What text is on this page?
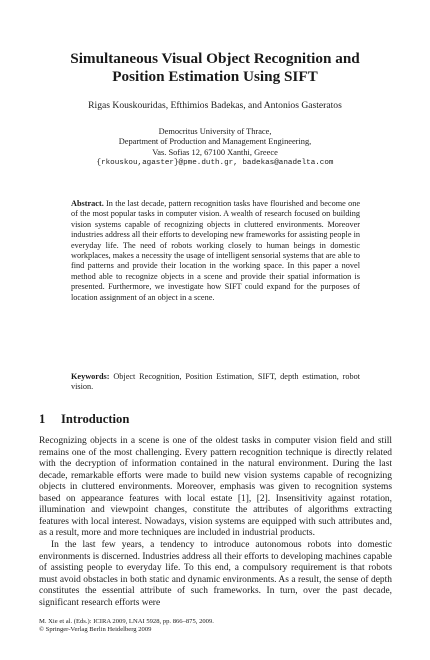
Simultaneous Visual Object Recognition and
Position Estimation Using SIFT
Rigas Kouskouridas, Efthimios Badekas, and Antonios Gasteratos
Democritus University of Thrace,
Department of Production and Management Engineering,
Vas. Sofias 12, 67100 Xanthi, Greece
{rkouskou,agaster}@pme.duth.gr, badekas@anadelta.com
Abstract. In the last decade, pattern recognition tasks have flourished and become one of the most popular tasks in computer vision. A wealth of research focused on building vision systems capable of recognizing objects in cluttered environments. Moreover industries address all their efforts to developing new frameworks for assisting people in everyday life. The need of robots working closely to human beings in domestic workplaces, makes a necessity the usage of intelligent sensorial systems that are able to find patterns and provide their location in the working space. In this paper a novel method able to recognize objects in a scene and provide their spatial information is presented. Furthermore, we investigate how SIFT could expand for the purposes of location assignment of an object in a scene.
Keywords: Object Recognition, Position Estimation, SIFT, depth estimation, robot vision.
1 Introduction

Recognizing objects in a scene is one of the oldest tasks in computer vision field and still remains one of the most challenging. Every pattern recognition technique is directly related with the decryption of information contained in the natural environment. During the last decade, remarkable efforts were made to build new vision systems capable of recognizing objects in cluttered environments. Moreover, emphasis was given to recognition systems based on appearance features with local estate [1], [2]. Insensitivity against rotation, illumination and viewpoint changes, constitute the attributes of algorithms extracting features with local interest. Nowadays, vision systems are equipped with such attributes and, as a result, more and more techniques are included in industrial products.

In the last few years, a tendency to introduce autonomous robots into domestic environments is discerned. Industries address all their efforts to developing machines capable of assisting people to everyday life. To this end, a compulsory requirement is that robots must avoid obstacles in both static and dynamic environments. As a result, the sense of depth constitutes the essential attribute of such frameworks. In turn, over the past decade, significant research efforts were

M. Xie et al. (Eds.): ICIRA 2009, LNAI 5928, pp. 866–875, 2009.
© Springer-Verlag Berlin Heidelberg 2009
